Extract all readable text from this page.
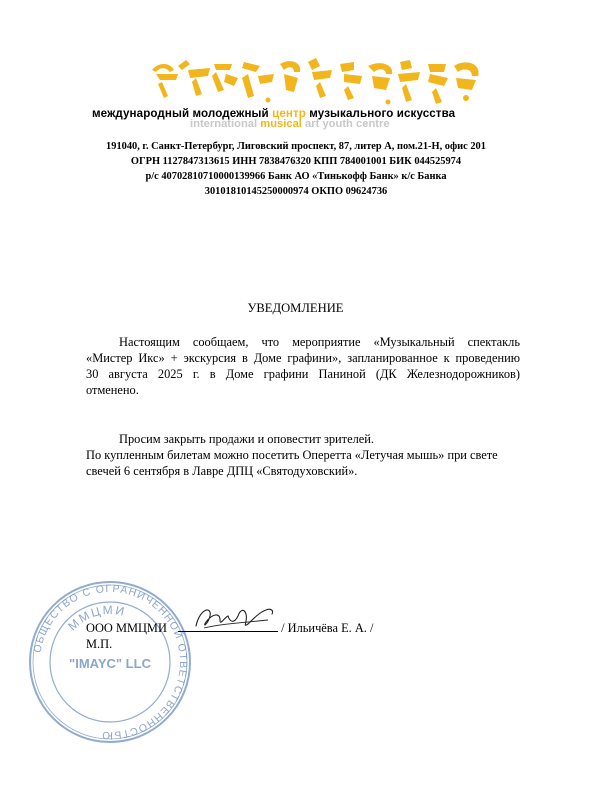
международный молодежный центр музыкального искусства
international musical art youth centre
191040, г. Санкт-Петербург, Лиговский проспект, 87, литер А, пом.21-Н, офис 201
ОГРН 1127847313615 ИНН 7838476320 КПП 784001001 БИК 044525974
р/с 40702810710000139966 Банк АО «Тинькофф Банк» к/с Банка
30101810145250000974 ОКПО 09624736
УВЕДОМЛЕНИЕ
Настоящим сообщаем, что мероприятие «Музыкальный спектакль
«Мистер Икс» + экскурсия в Доме графини», запланированное к проведению
30 августа 2025 г. в Доме графини Паниной (ДК Железнодорожников)
отменено.
Просим закрыть продажи и оповестит зрителей.
По купленным билетам можно посетить Оперетта «Летучая мышь» при свете
свечей 6 сентября в Лавре ДПЦ «Святодуховский».
ОБЩЕСТВО С ОГРАНИЧЕННОЙ ОТВЕТСТВЕННОСТЬЮ
ММЦМИ
"IMAYC" LLC
ООО ММЦМИ	/ Ильичёва Е. А. /
М.П.
